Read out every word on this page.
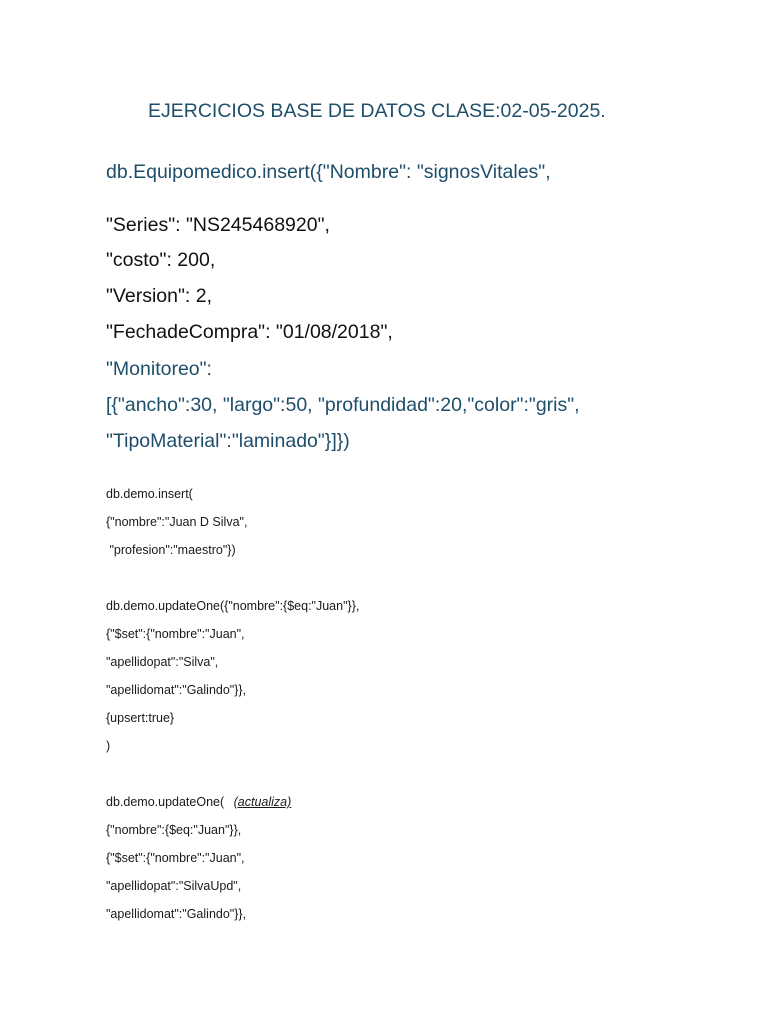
EJERCICIOS BASE DE DATOS CLASE:02-05-2025.
db.Equipomedico.insert({"Nombre": "signosVitales",
"Series": "NS245468920",
"costo": 200,
"Version": 2,
"FechadeCompra": "01/08/2018",
"Monitoreo":
[{"ancho":30, "largo":50, "profundidad":20,"color":"gris",
"TipoMaterial":"laminado"}]})
db.demo.insert(
{"nombre":"Juan D Silva",
"profesion":"maestro"})
db.demo.updateOne({"nombre":{$eq:"Juan"}},
{"$set":{"nombre":"Juan",
"apellidopat":"Silva",
"apellidomat":"Galindo"}},
{upsert:true}
)
db.demo.updateOne( (actualiza)
{"nombre":{$eq:"Juan"}},
{"$set":{"nombre":"Juan",
"apellidopat":"SilvaUpd",
"apellidomat":"Galindo"}},
